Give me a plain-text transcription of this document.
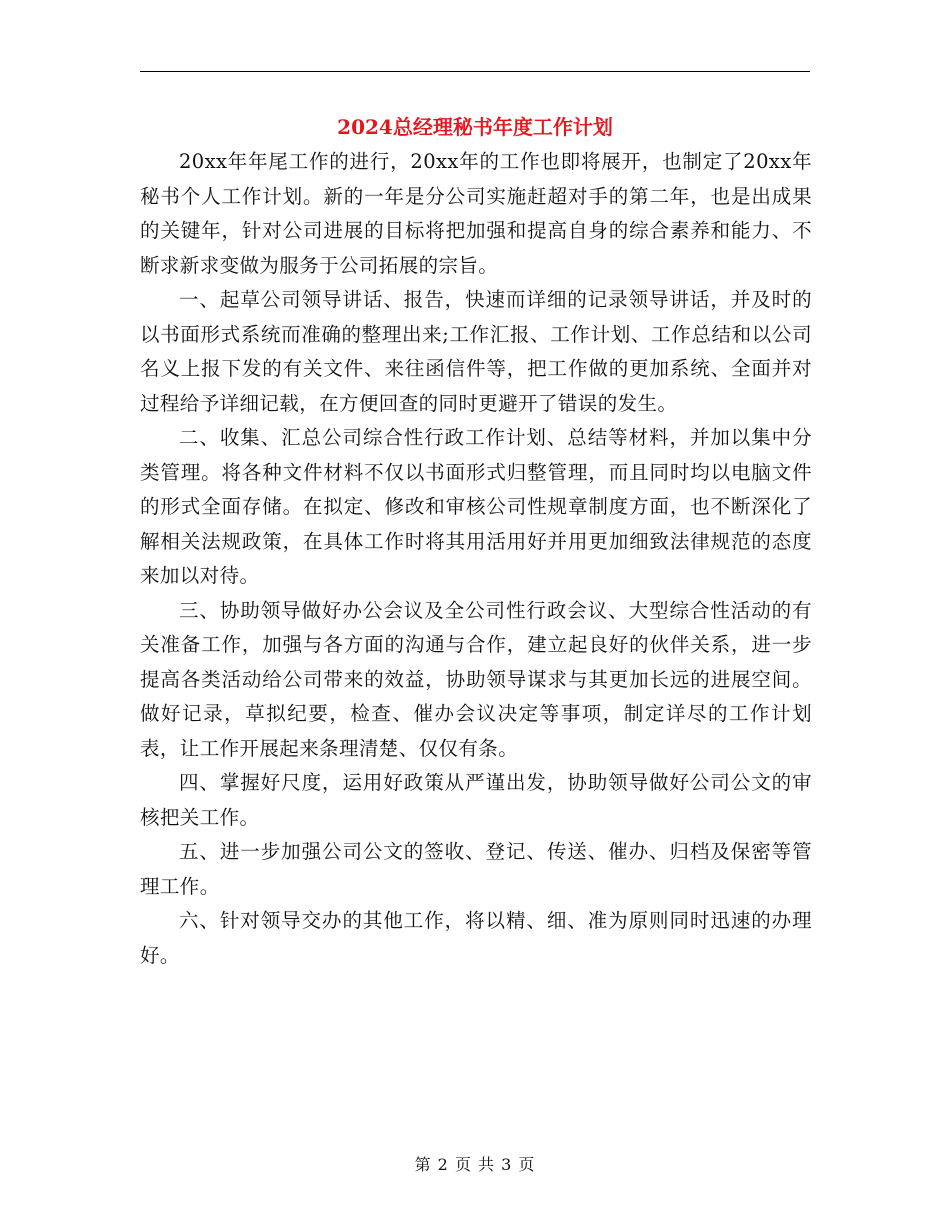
2024总经理秘书年度工作计划

20xx年年尾工作的进行，20xx年的工作也即将展开，也制定了20xx年秘书个人工作计划。新的一年是分公司实施赶超对手的第二年，也是出成果的关键年，针对公司进展的目标将把加强和提高自身的综合素养和能力、不断求新求变做为服务于公司拓展的宗旨。

一、起草公司领导讲话、报告，快速而详细的记录领导讲话，并及时的以书面形式系统而准确的整理出来;工作汇报、工作计划、工作总结和以公司名义上报下发的有关文件、来往函信件等，把工作做的更加系统、全面并对过程给予详细记载，在方便回查的同时更避开了错误的发生。

二、收集、汇总公司综合性行政工作计划、总结等材料，并加以集中分类管理。将各种文件材料不仅以书面形式归整管理，而且同时均以电脑文件的形式全面存储。在拟定、修改和审核公司性规章制度方面，也不断深化了解相关法规政策，在具体工作时将其用活用好并用更加细致法律规范的态度来加以对待。

三、协助领导做好办公会议及全公司性行政会议、大型综合性活动的有关准备工作，加强与各方面的沟通与合作，建立起良好的伙伴关系，进一步提高各类活动给公司带来的效益，协助领导谋求与其更加长远的进展空间。做好记录，草拟纪要，检查、催办会议决定等事项，制定详尽的工作计划表，让工作开展起来条理清楚、仅仅有条。

四、掌握好尺度，运用好政策从严谨出发，协助领导做好公司公文的审核把关工作。

五、进一步加强公司公文的签收、登记、传送、催办、归档及保密等管理工作。

六、针对领导交办的其他工作，将以精、细、准为原则同时迅速的办理好。

第 2 页 共 3 页
